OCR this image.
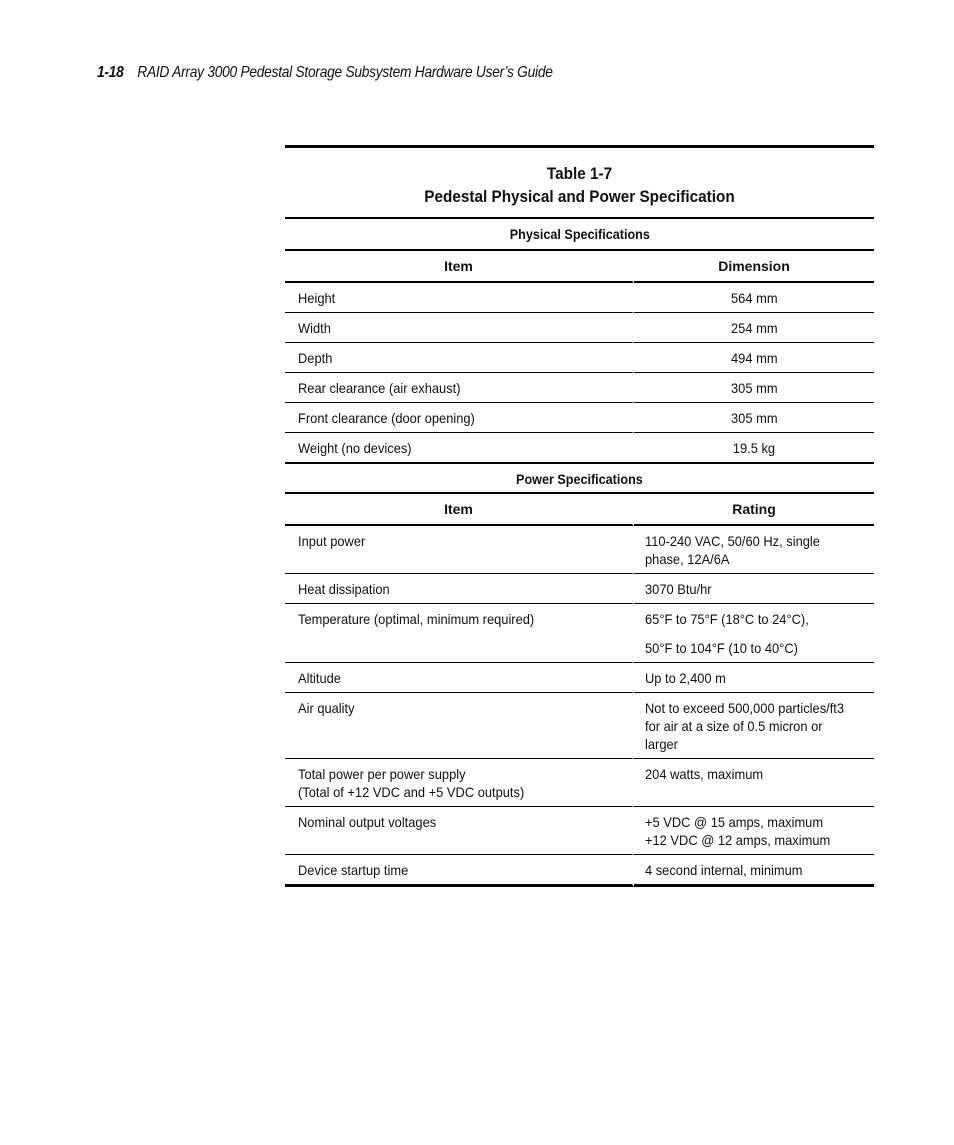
1-18 RAID Array 3000 Pedestal Storage Subsystem Hardware User’s Guide
Table 1-7
Pedestal Physical and Power Specification
Physical Specifications
Item	Dimension
Height	564 mm
Width	254 mm
Depth	494 mm
Rear clearance (air exhaust)	305 mm
Front clearance (door opening)	305 mm
Weight (no devices)	19.5 kg
Power Specifications
Item	Rating

Input power	110-240 VAC, 50/60 Hz, single
phase, 12A/6A

Heat dissipation	3070 Btu/hr

Temperature (optimal, minimum required)	65°F to 75°F (18°C to 24°C),
50°F to 104°F (10 to 40°C)

Altitude	Up to 2,400 m

Air quality	Not to exceed 500,000 particles/ft3
for air at a size of 0.5 micron or
larger

Total power per power supply
(Total of +12 VDC and +5 VDC outputs)	204 watts, maximum

Nominal output voltages	+5 VDC @ 15 amps, maximum
+12 VDC @ 12 amps, maximum

Device startup time	4 second internal, minimum
